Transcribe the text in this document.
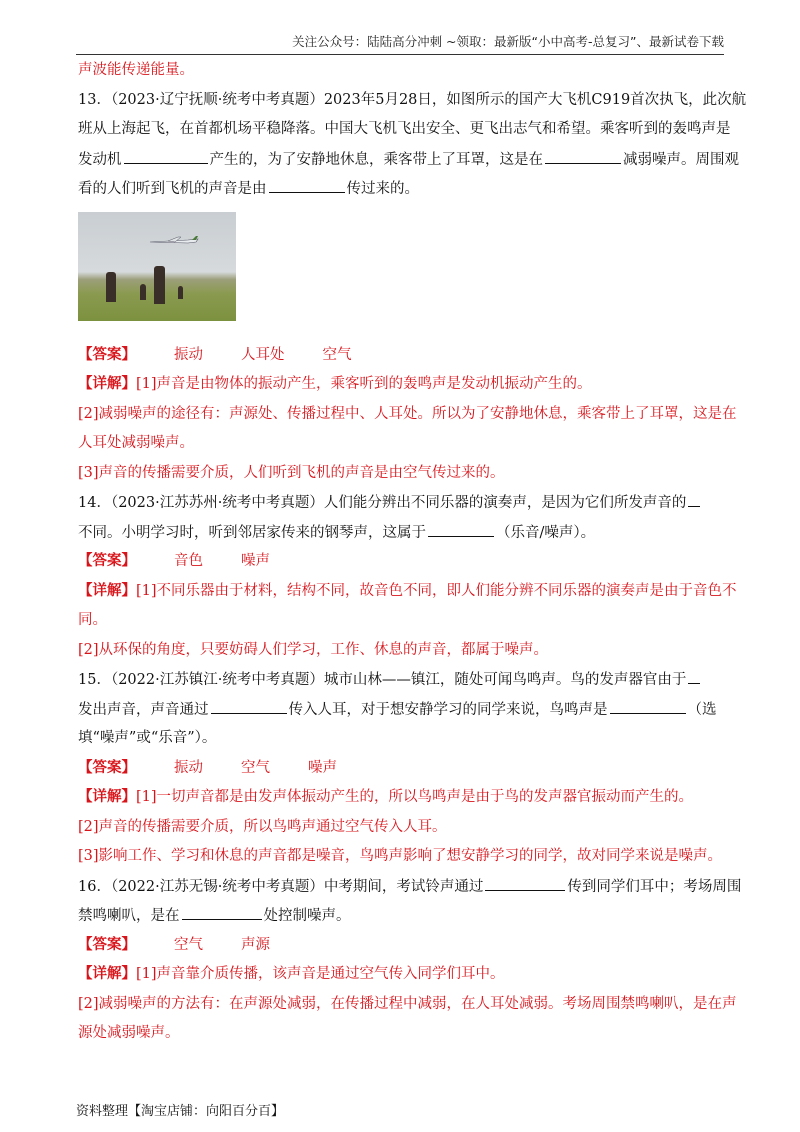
关注公众号：陆陆高分冲刺 ~领取：最新版“小中高考-总复习”、最新试卷下载

声波能传递能量。

13．（2023·辽宁抚顺·统考中考真题）2023年5月28日，如图所示的国产大飞机C919首次执飞，此次航

班从上海起飞，在首都机场平稳降落。中国大飞机飞出安全、更飞出志气和希望。乘客听到的轰鸣声是

发动机	产生的，为了安静地休息，乘客带上了耳罩，这是在	减弱噪声。周围观

看的人们听到飞机的声音是由	传过来的。

【答案】	振动	人耳处	空气

【详解】[1]声音是由物体的振动产生，乘客听到的轰鸣声是发动机振动产生的。

[2]减弱噪声的途径有：声源处、传播过程中、人耳处。所以为了安静地休息，乘客带上了耳罩，这是在

人耳处减弱噪声。

[3]声音的传播需要介质，人们听到飞机的声音是由空气传过来的。

14．（2023·江苏苏州·统考中考真题）人们能分辨出不同乐器的演奏声，是因为它们所发声音的

不同。小明学习时，听到邻居家传来的钢琴声，这属于	（乐音/噪声）。

【答案】	音色	噪声

【详解】[1]不同乐器由于材料，结构不同，故音色不同，即人们能分辨不同乐器的演奏声是由于音色不

同。

[2]从环保的角度，只要妨碍人们学习，工作、休息的声音，都属于噪声。

15．（2022·江苏镇江·统考中考真题）城市山林——镇江，随处可闻鸟鸣声。鸟的发声器官由于

发出声音，声音通过	传入人耳，对于想安静学习的同学来说，鸟鸣声是	（选

填“噪声”或“乐音”）。

【答案】	振动	空气	噪声

【详解】[1]一切声音都是由发声体振动产生的，所以鸟鸣声是由于鸟的发声器官振动而产生的。

[2]声音的传播需要介质，所以鸟鸣声通过空气传入人耳。

[3]影响工作、学习和休息的声音都是噪音，鸟鸣声影响了想安静学习的同学，故对同学来说是噪声。

16．（2022·江苏无锡·统考中考真题）中考期间，考试铃声通过	传到同学们耳中；考场周围

禁鸣喇叭，是在	处控制噪声。

【答案】	空气	声源

【详解】[1]声音靠介质传播，该声音是通过空气传入同学们耳中。

[2]减弱噪声的方法有：在声源处减弱，在传播过程中减弱，在人耳处减弱。考场周围禁鸣喇叭，是在声

源处减弱噪声。

资料整理【淘宝店铺：向阳百分百】
